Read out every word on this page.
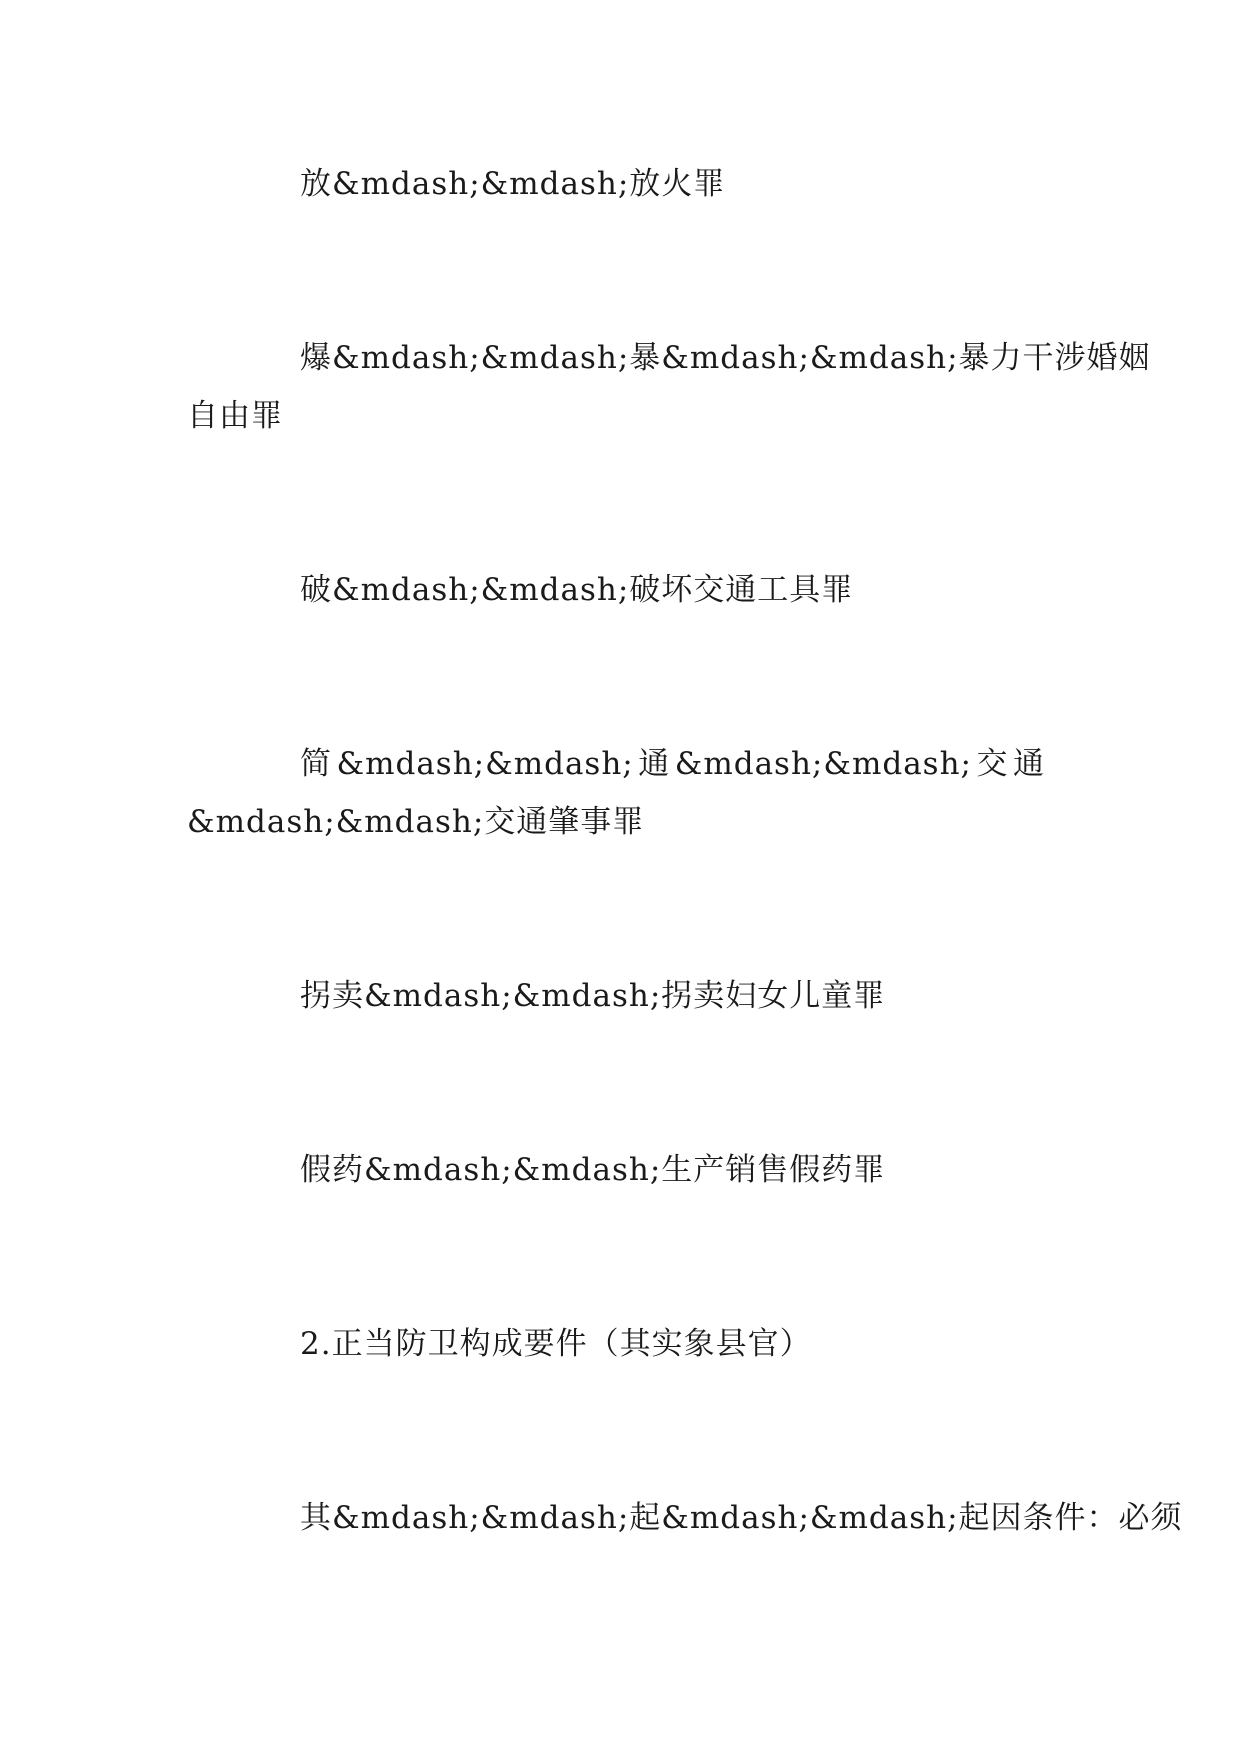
放&mdash;&mdash;放火罪
爆&mdash;&mdash;暴&mdash;&mdash;暴力干涉婚姻
自由罪
破&mdash;&mdash;破坏交通工具罪
简 &mdash;&mdash; 通 &mdash;&mdash; 交 通
&mdash;&mdash;交通肇事罪
拐卖&mdash;&mdash;拐卖妇女儿童罪
假药&mdash;&mdash;生产销售假药罪
2.正当防卫构成要件（其实象县官）
其&mdash;&mdash;起&mdash;&mdash;起因条件：必须
